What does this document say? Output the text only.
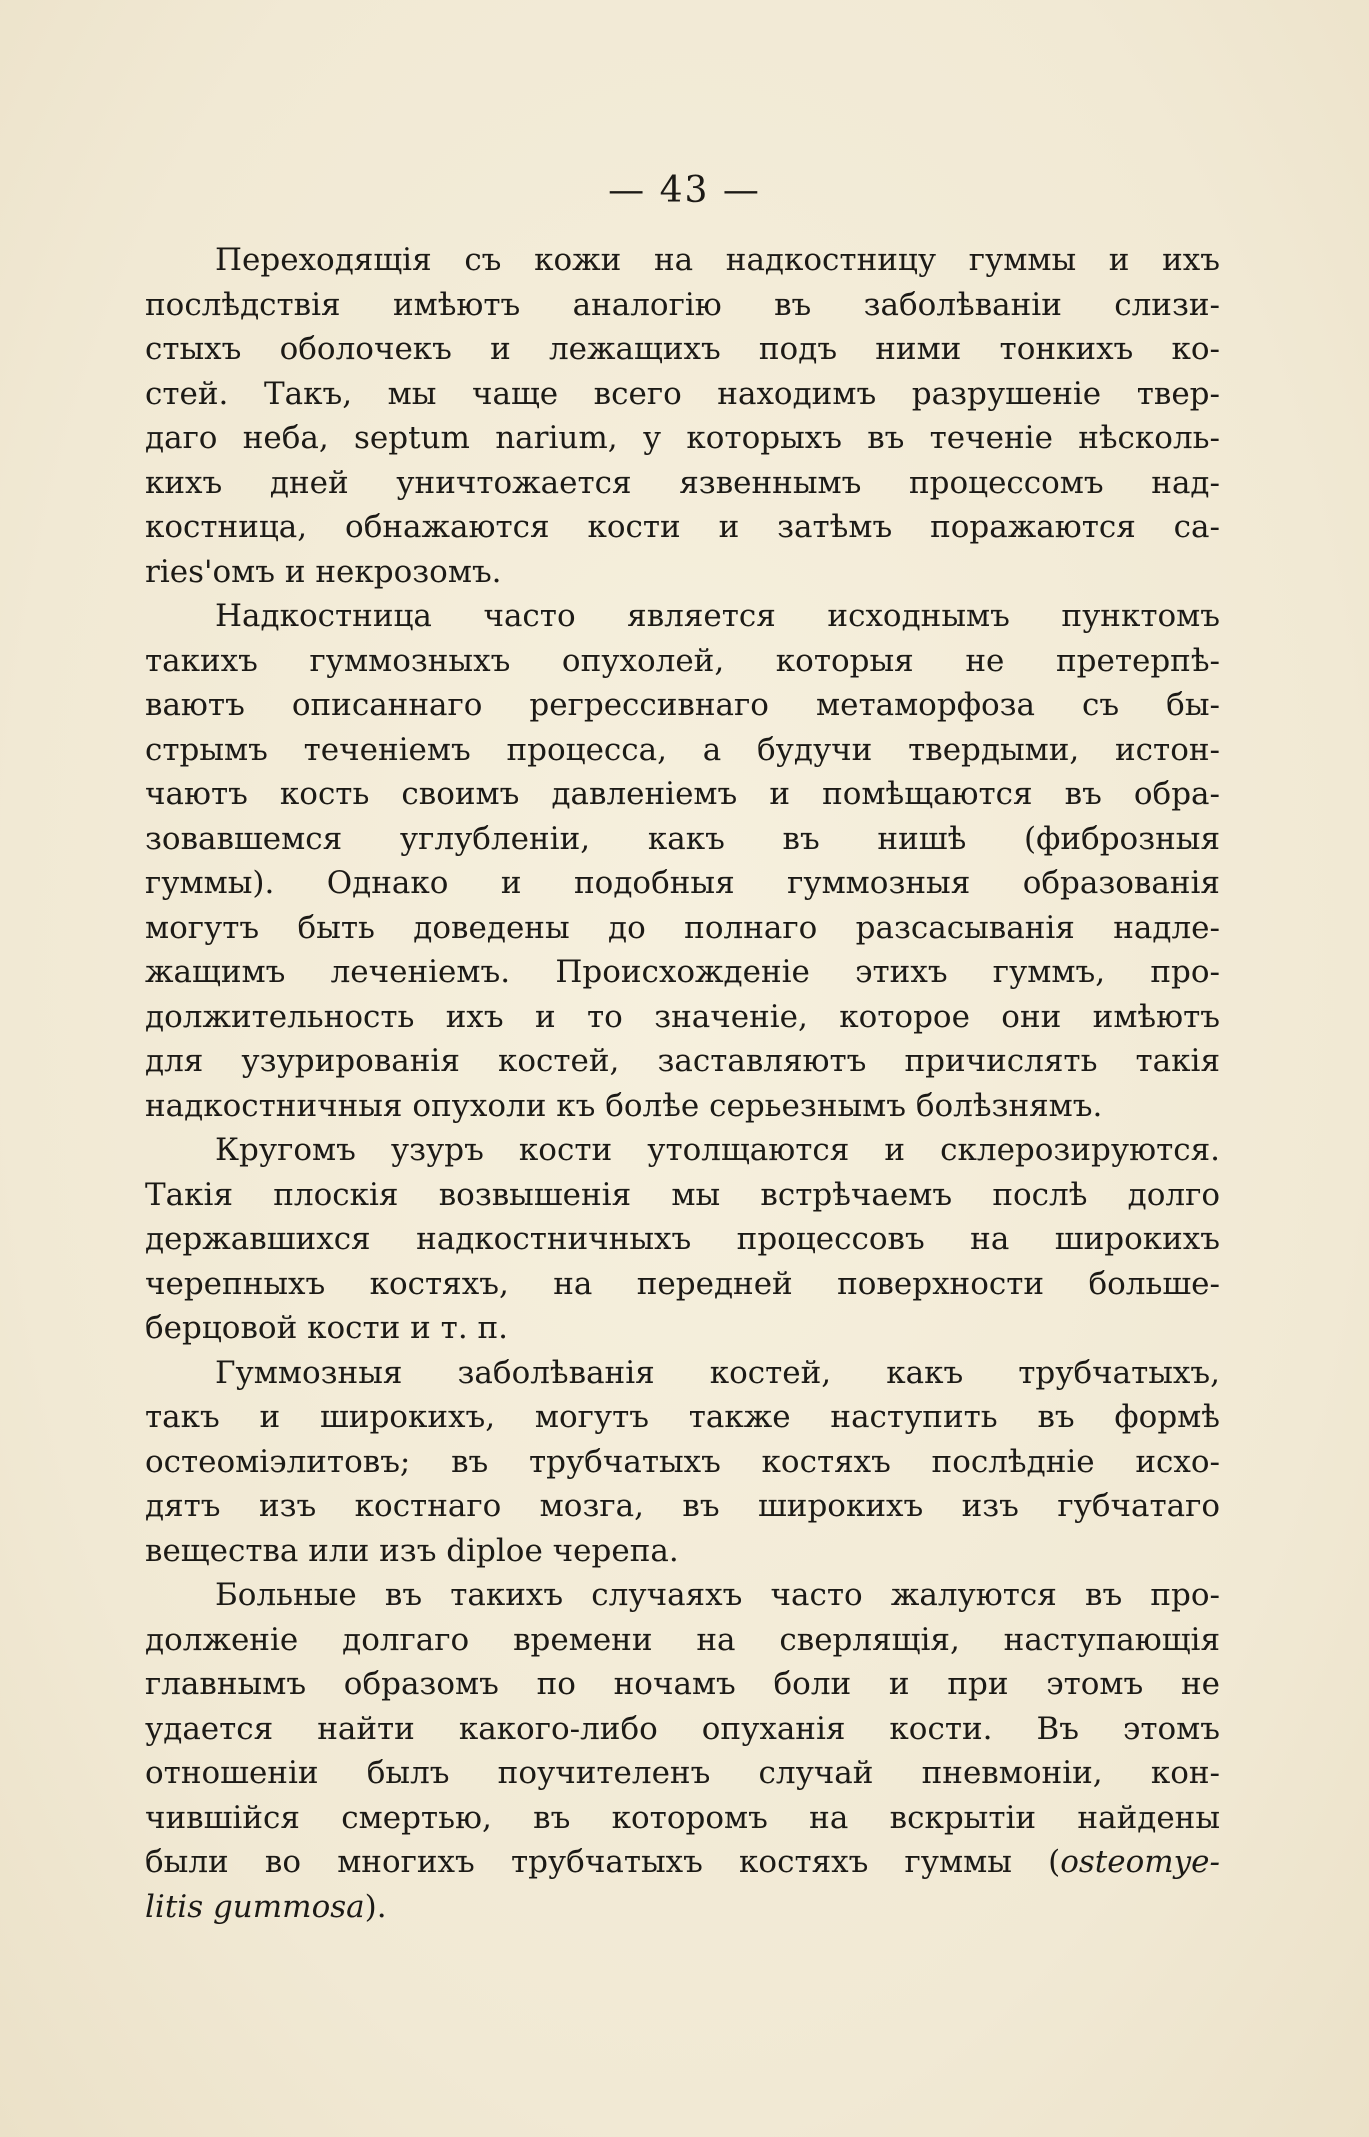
— 43 —
Переходящія съ кожи на надкостницу гуммы и ихъ
послѣдствія имѣютъ аналогію въ заболѣваніи слизи-
стыхъ оболочекъ и лежащихъ подъ ними тонкихъ ко-
стей. Такъ, мы чаще всего находимъ разрушеніе твер-
даго неба, septum narium, у которыхъ въ теченіе нѣсколь-
кихъ дней уничтожается язвеннымъ процессомъ над-
костница, обнажаются кости и затѣмъ поражаются са-
ries'омъ и некрозомъ.
Надкостница часто является исходнымъ пунктомъ
такихъ гуммозныхъ опухолей, которыя не претерпѣ-
ваютъ описаннаго регрессивнаго метаморфоза съ бы-
стрымъ теченіемъ процесса, а будучи твердыми, истон-
чаютъ кость своимъ давленіемъ и помѣщаются въ обра-
зовавшемся углубленіи, какъ въ нишѣ (фиброзныя
гуммы). Однако и подобныя гуммозныя образованія
могутъ быть доведены до полнаго разсасыванія надле-
жащимъ леченіемъ. Происхожденіе этихъ гуммъ, про-
должительность ихъ и то значеніе, которое они имѣютъ
для узурированія костей, заставляютъ причислять такія
надкостничныя опухоли къ болѣе серьезнымъ болѣзнямъ.
Кругомъ узуръ кости утолщаются и склерозируются.
Такія плоскія возвышенія мы встрѣчаемъ послѣ долго
державшихся надкостничныхъ процессовъ на широкихъ
черепныхъ костяхъ, на передней поверхности больше-
берцовой кости и т. п.
Гуммозныя заболѣванія костей, какъ трубчатыхъ,
такъ и широкихъ, могутъ также наступить въ формѣ
остеоміэлитовъ; въ трубчатыхъ костяхъ послѣдніе исхо-
дятъ изъ костнаго мозга, въ широкихъ изъ губчатаго
вещества или изъ diploe черепа.
Больные въ такихъ случаяхъ часто жалуются въ про-
долженіе долгаго времени на сверлящія, наступающія
главнымъ образомъ по ночамъ боли и при этомъ не
удается найти какого-либо опуханія кости. Въ этомъ
отношеніи былъ поучителенъ случай пневмоніи, кон-
чившійся смертью, въ которомъ на вскрытіи найдены
были во многихъ трубчатыхъ костяхъ гуммы (osteomye-
litis gummosa).
